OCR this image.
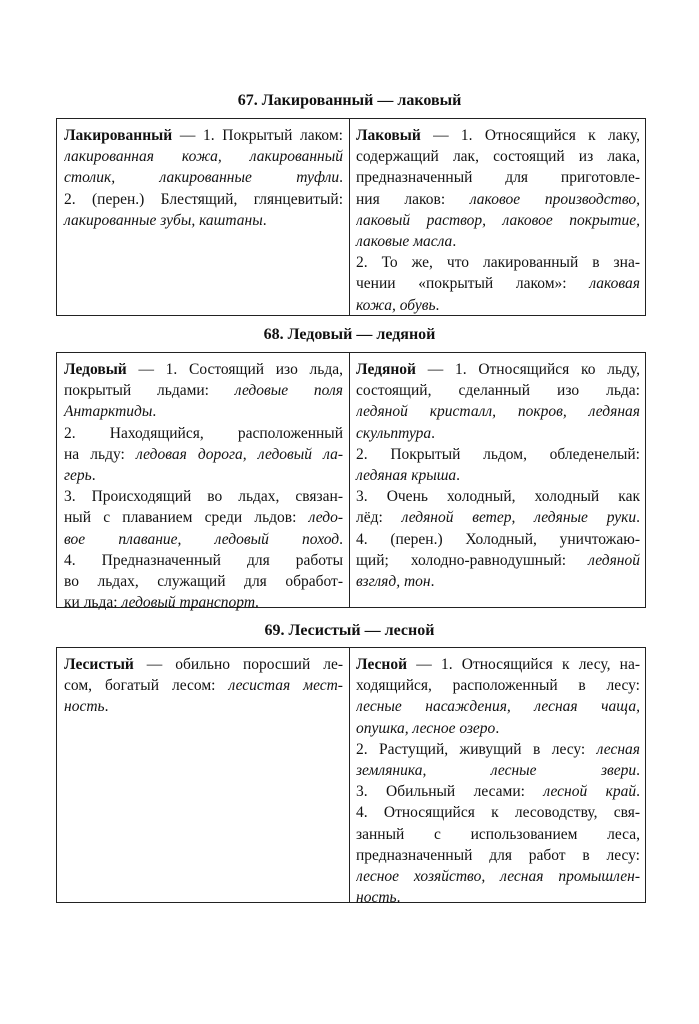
67. Лакированный — лаковый
Лакированный — 1. Покрытый лаком:
лакированная кожа, лакированный
столик, лакированные туфли.
2. (перен.) Блестящий, глянцевитый:
лакированные зубы, каштаны.
Лаковый — 1. Относящийся к лаку,
содержащий лак, состоящий из лака,
предназначенный для приготовле-
ния лаков: лаковое производство,
лаковый раствор, лаковое покрытие,
лаковые масла.
2. То же, что лакированный в зна-
чении «покрытый лаком»: лаковая
кожа, обувь.
68. Ледовый — ледяной
Ледовый — 1. Состоящий изо льда,
покрытый льдами: ледовые поля
Антарктиды.
2. Находящийся, расположенный
на льду: ледовая дорога, ледовый ла-
герь.
3. Происходящий во льдах, связан-
ный с плаванием среди льдов: ледо-
вое плавание, ледовый поход.
4. Предназначенный для работы
во льдах, служащий для обработ-
ки льда: ледовый транспорт.
Ледяной — 1. Относящийся ко льду,
состоящий, сделанный изо льда:
ледяной кристалл, покров, ледяная
скульптура.
2. Покрытый льдом, обледенелый:
ледяная крыша.
3. Очень холодный, холодный как
лёд: ледяной ветер, ледяные руки.
4. (перен.) Холодный, уничтожаю-
щий; холодно-равнодушный: ледяной
взгляд, тон.
69. Лесистый — лесной
Лесистый — обильно поросший ле-
сом, богатый лесом: лесистая мест-
ность.
Лесной — 1. Относящийся к лесу, на-
ходящийся, расположенный в лесу:
лесные насаждения, лесная чаща,
опушка, лесное озеро.
2. Растущий, живущий в лесу: лесная
земляника, лесные звери.
3. Обильный лесами: лесной край.
4. Относящийся к лесоводству, свя-
занный с использованием леса,
предназначенный для работ в лесу:
лесное хозяйство, лесная промышлен-
ность.
